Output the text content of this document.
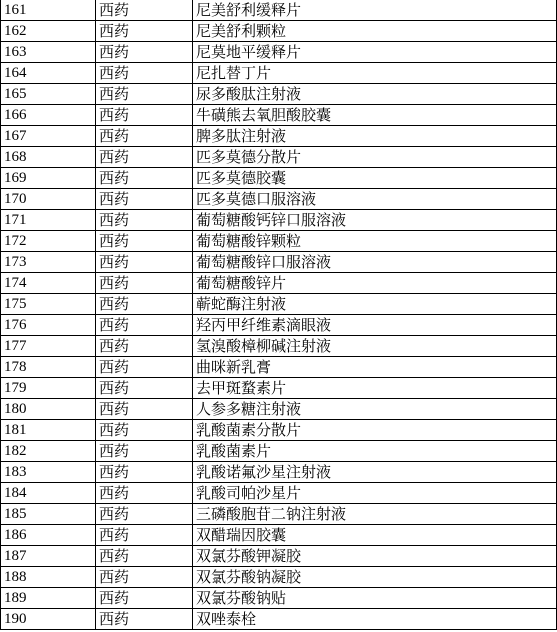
161	西药	尼美舒利缓释片
162	西药	尼美舒利颗粒
163	西药	尼莫地平缓释片
164	西药	尼扎替丁片
165	西药	尿多酸肽注射液
166	西药	牛磺熊去氧胆酸胶囊
167	西药	脾多肽注射液
168	西药	匹多莫德分散片
169	西药	匹多莫德胶囊
170	西药	匹多莫德口服溶液
171	西药	葡萄糖酸钙锌口服溶液
172	西药	葡萄糖酸锌颗粒
173	西药	葡萄糖酸锌口服溶液
174	西药	葡萄糖酸锌片
175	西药	蕲蛇酶注射液
176	西药	羟丙甲纤维素滴眼液
177	西药	氢溴酸樟柳碱注射液
178	西药	曲咪新乳膏
179	西药	去甲斑蝥素片
180	西药	人参多糖注射液
181	西药	乳酸菌素分散片
182	西药	乳酸菌素片
183	西药	乳酸诺氟沙星注射液
184	西药	乳酸司帕沙星片
185	西药	三磷酸胞苷二钠注射液
186	西药	双醋瑞因胶囊
187	西药	双氯芬酸钾凝胶
188	西药	双氯芬酸钠凝胶
189	西药	双氯芬酸钠贴
190	西药	双唑泰栓
